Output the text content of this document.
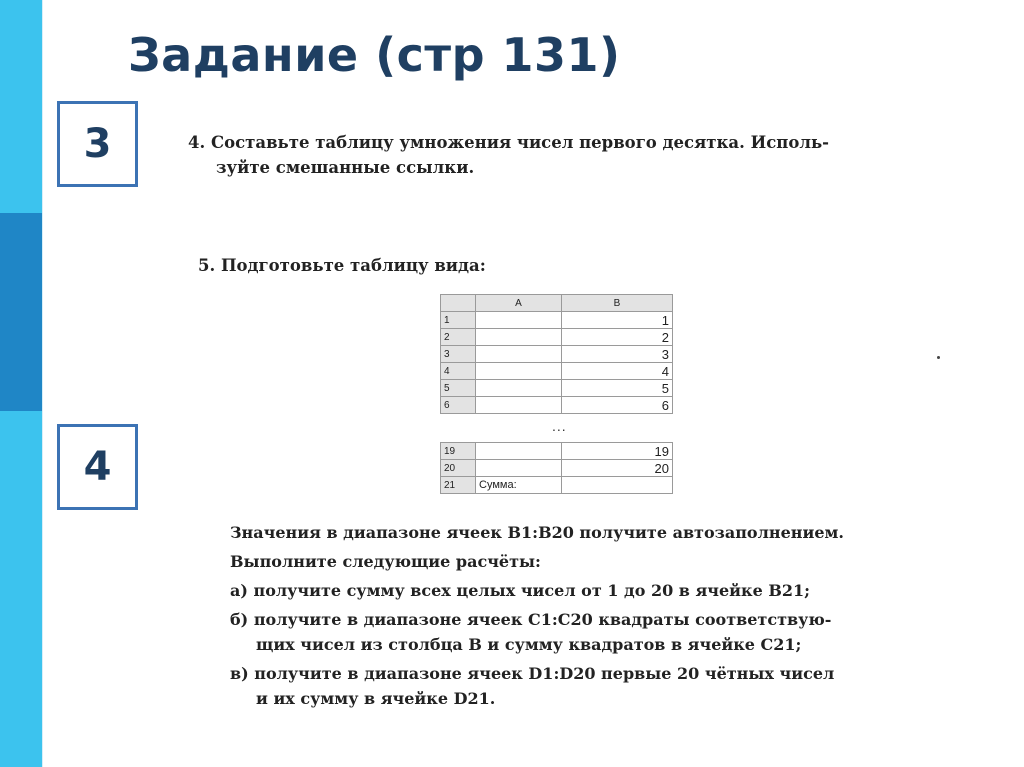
Задание (стр 131)
3
4

4. Составьте таблицу умножения чисел первого десятка. Исполь-
зуйте смешанные ссылки.

5. Подготовьте таблицу вида:

	A	B
1		1
2		2
3		3
4		4
5		5
6		6
...
19		19
20		20
21	Сумма:	

Значения в диапазоне ячеек B1:B20 получите автозаполнением.

Выполните следующие расчёты:

а) получите сумму всех целых чисел от 1 до 20 в ячейке B21;

б) получите в диапазоне ячеек C1:C20 квадраты соответствую-
щих чисел из столбца B и сумму квадратов в ячейке C21;

в) получите в диапазоне ячеек D1:D20 первые 20 чётных чисел
и их сумму в ячейке D21.
